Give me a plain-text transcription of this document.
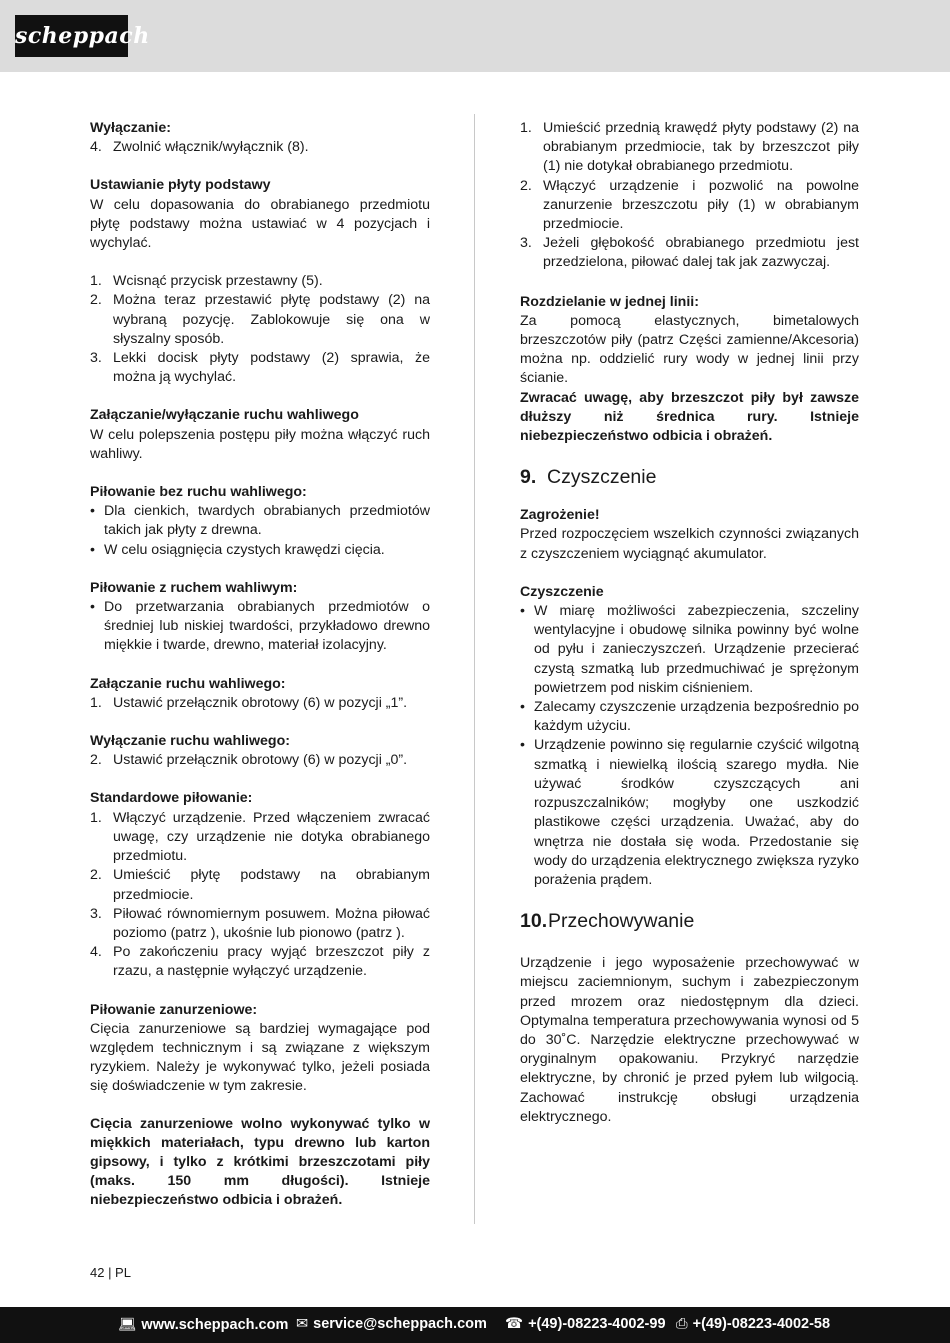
scheppach
Wyłączanie:
4. Zwolnić włącznik/wyłącznik (8).
Ustawianie płyty podstawy

W celu dopasowania do obrabianego przedmiotu płytę podstawy można ustawiać w 4 pozycjach i wychylać.

1. Wcisnąć przycisk przestawny (5).
2. Można teraz przestawić płytę podstawy (2) na wybraną pozycję. Zablokowuje się ona w słyszalny sposób.
3. Lekki docisk płyty podstawy (2) sprawia, że można ją wychylać.
Załączanie/wyłączanie ruchu wahliwego

W celu polepszenia postępu piły można włączyć ruch wahliwy.

Piłowanie bez ruchu wahliwego:
• Dla cienkich, twardych obrabianych przedmiotów takich jak płyty z drewna.
• W celu osiągnięcia czystych krawędzi cięcia.
Piłowanie z ruchem wahliwym:
• Do przetwarzania obrabianych przedmiotów o średniej lub niskiej twardości, przykładowo drewno miękkie i twarde, drewno, materiał izolacyjny.
Załączanie ruchu wahliwego:
1. Ustawić przełącznik obrotowy (6) w pozycji „1”.
Wyłączanie ruchu wahliwego:
2. Ustawić przełącznik obrotowy (6) w pozycji „0”.
Standardowe piłowanie:
1. Włączyć urządzenie. Przed włączeniem zwracać uwagę, czy urządzenie nie dotyka obrabianego przedmiotu.
2. Umieścić płytę podstawy na obrabianym przedmiocie.
3. Piłować równomiernym posuwem. Można piłować poziomo (patrz ), ukośnie lub pionowo (patrz ).
4. Po zakończeniu pracy wyjąć brzeszczot piły z rzazu, a następnie wyłączyć urządzenie.
Piłowanie zanurzeniowe:

Cięcia zanurzeniowe są bardziej wymagające pod względem technicznym i są związane z większym ryzykiem. Należy je wykonywać tylko, jeżeli posiada się doświadczenie w tym zakresie.

Cięcia zanurzeniowe wolno wykonywać tylko w miękkich materiałach, typu drewno lub karton gipsowy, i tylko z krótkimi brzeszczotami piły (maks. 150 mm długości). Istnieje niebezpieczeństwo odbicia i obrażeń.

1. Umieścić przednią krawędź płyty podstawy (2) na obrabianym przedmiocie, tak by brzeszczot piły (1) nie dotykał obrabianego przedmiotu.
2. Włączyć urządzenie i pozwolić na powolne zanurzenie brzeszczotu piły (1) w obrabianym przedmiocie.
3. Jeżeli głębokość obrabianego przedmiotu jest przedzielona, piłować dalej tak jak zazwyczaj.
Rozdzielanie w jednej linii:

Za pomocą elastycznych, bimetalowych brzeszczotów piły (patrz Części zamienne/Akcesoria) można np. oddzielić rury wody w jednej linii przy ścianie.

Zwracać uwagę, aby brzeszczot piły był zawsze dłuższy niż średnica rury. Istnieje niebezpieczeństwo odbicia i obrażeń.

9. Czyszczenie
Zagrożenie!

Przed rozpoczęciem wszelkich czynności związanych z czyszczeniem wyciągnąć akumulator.

Czyszczenie
• W miarę możliwości zabezpieczenia, szczeliny wentylacyjne i obudowę silnika powinny być wolne od pyłu i zanieczyszczeń. Urządzenie przecierać czystą szmatką lub przedmuchiwać je sprężonym powietrzem pod niskim ciśnieniem.
• Zalecamy czyszczenie urządzenia bezpośrednio po każdym użyciu.
• Urządzenie powinno się regularnie czyścić wilgotną szmatką i niewielką ilością szarego mydła. Nie używać środków czyszczących ani rozpuszczalników; mogłyby one uszkodzić plastikowe części urządzenia. Uważać, aby do wnętrza nie dostała się woda. Przedostanie się wody do urządzenia elektrycznego zwiększa ryzyko porażenia prądem.
10.Przechowywanie

Urządzenie i jego wyposażenie przechowywać w miejscu zaciemnionym, suchym i zabezpieczonym przed mrozem oraz niedostępnym dla dzieci. Optymalna temperatura przechowywania wynosi od 5 do 30˚C. Narzędzie elektryczne przechowywać w oryginalnym opakowaniu. Przykryć narzędzie elektryczne, by chronić je przed pyłem lub wilgocią. Zachować instrukcję obsługi urządzenia elektrycznego.

42 | PL
💻︎ www.scheppach.com ✉ service@scheppach.com ☎ +(49)-08223-4002-99 ⎙ +(49)-08223-4002-58
